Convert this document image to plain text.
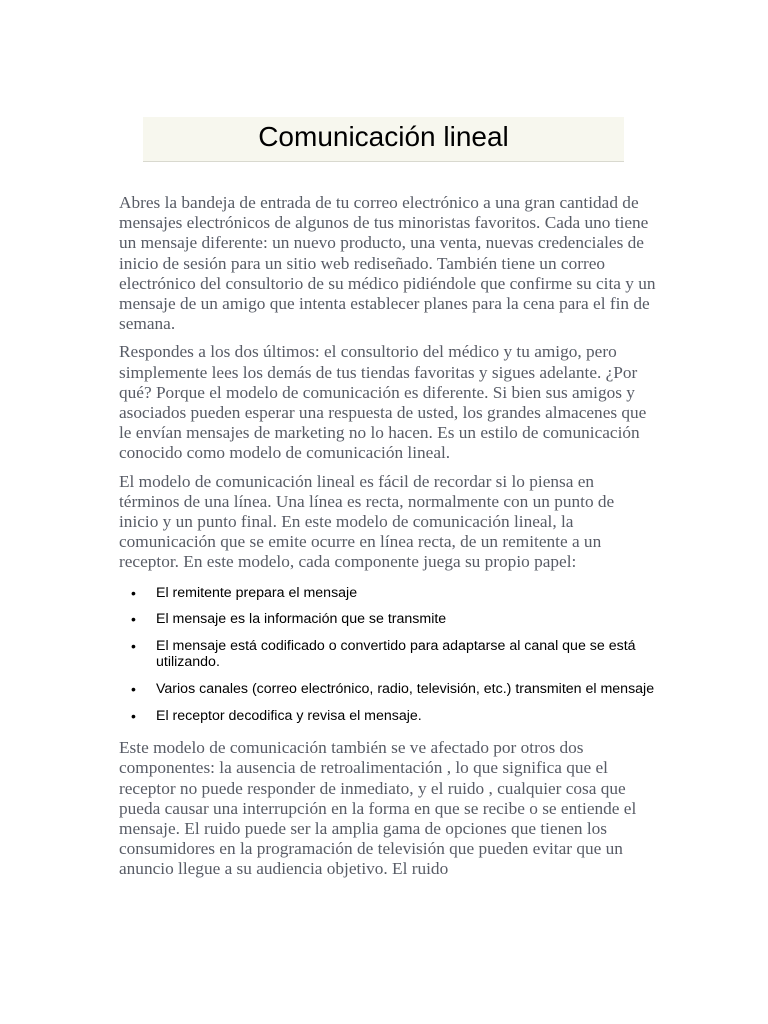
Comunicación lineal

Abres la bandeja de entrada de tu correo electrónico a una gran cantidad de mensajes electrónicos de algunos de tus minoristas favoritos. Cada uno tiene un mensaje diferente: un nuevo producto, una venta, nuevas credenciales de inicio de sesión para un sitio web rediseñado. También tiene un correo electrónico del consultorio de su médico pidiéndole que confirme su cita y un mensaje de un amigo que intenta establecer planes para la cena para el fin de semana.

Respondes a los dos últimos: el consultorio del médico y tu amigo, pero simplemente lees los demás de tus tiendas favoritas y sigues adelante. ¿Por qué? Porque el modelo de comunicación es diferente. Si bien sus amigos y asociados pueden esperar una respuesta de usted, los grandes almacenes que le envían mensajes de marketing no lo hacen. Es un estilo de comunicación conocido como modelo de comunicación lineal.

El modelo de comunicación lineal es fácil de recordar si lo piensa en términos de una línea. Una línea es recta, normalmente con un punto de inicio y un punto final. En este modelo de comunicación lineal, la comunicación que se emite ocurre en línea recta, de un remitente a un receptor. En este modelo, cada componente juega su propio papel:

• El remitente prepara el mensaje
• El mensaje es la información que se transmite
• El mensaje está codificado o convertido para adaptarse al canal que se está utilizando.
• Varios canales (correo electrónico, radio, televisión, etc.) transmiten el mensaje
• El receptor decodifica y revisa el mensaje.

Este modelo de comunicación también se ve afectado por otros dos componentes: la ausencia de retroalimentación , lo que significa que el receptor no puede responder de inmediato, y el ruido , cualquier cosa que pueda causar una interrupción en la forma en que se recibe o se entiende el mensaje. El ruido puede ser la amplia gama de opciones que tienen los consumidores en la programación de televisión que pueden evitar que un anuncio llegue a su audiencia objetivo. El ruido
